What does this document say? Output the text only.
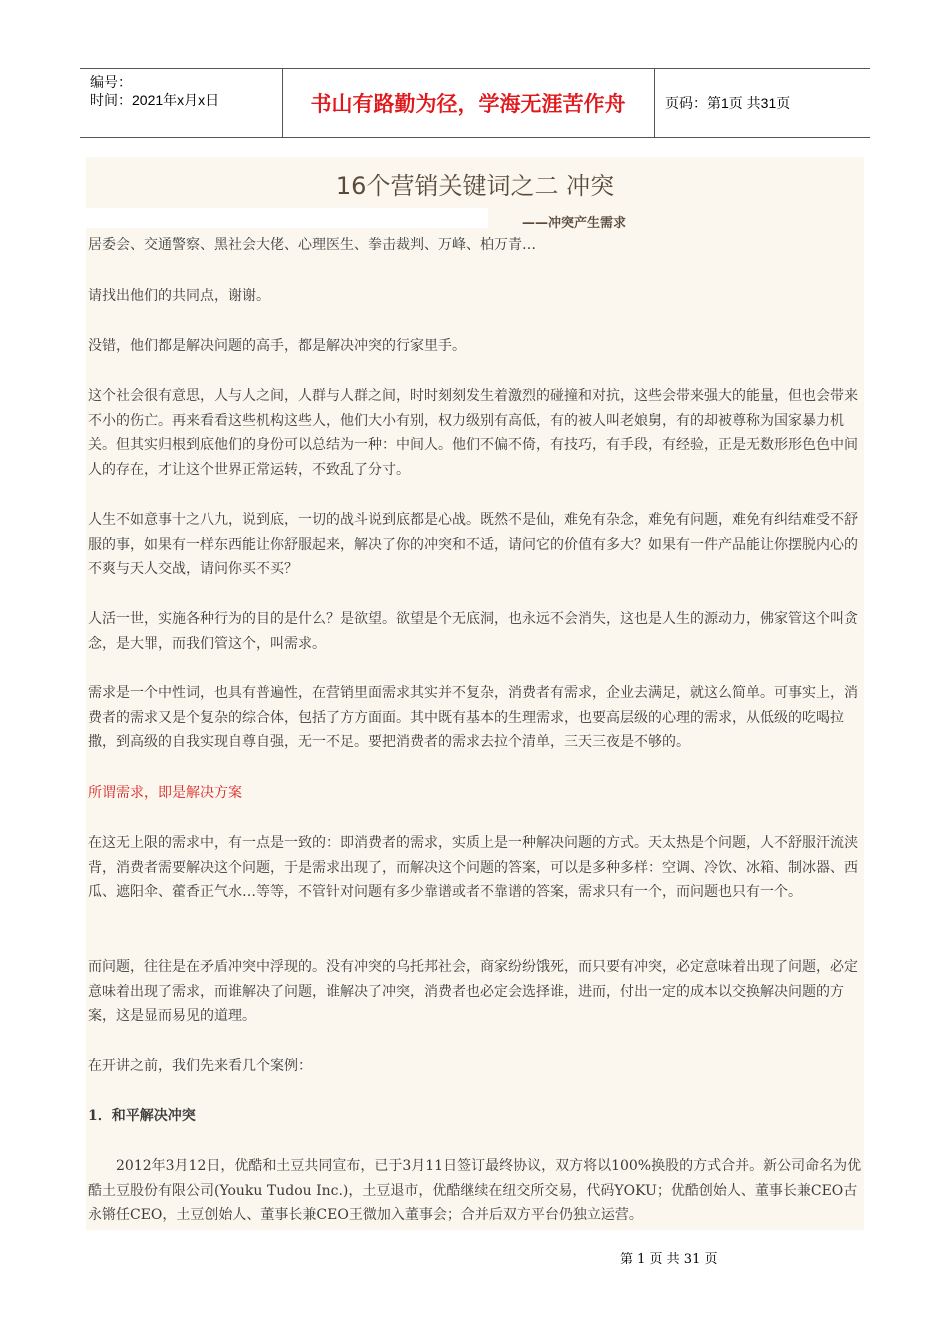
编号：
时间：2021年x月x日	书山有路勤为径，学海无涯苦作舟	页码：第1页 共31页
16个营销关键词之二 冲突
——冲突产生需求

居委会、交通警察、黑社会大佬、心理医生、拳击裁判、万峰、柏万青…

请找出他们的共同点，谢谢。

没错，他们都是解决问题的高手，都是解决冲突的行家里手。

这个社会很有意思，人与人之间，人群与人群之间，时时刻刻发生着激烈的碰撞和对抗，这些会带来强大的能量，但也会带来不小的伤亡。再来看看这些机构这些人，他们大小有别，权力级别有高低，有的被人叫老娘舅，有的却被尊称为国家暴力机关。但其实归根到底他们的身份可以总结为一种：中间人。他们不偏不倚，有技巧，有手段，有经验，正是无数形形色色中间人的存在，才让这个世界正常运转，不致乱了分寸。

人生不如意事十之八九，说到底，一切的战斗说到底都是心战。既然不是仙，难免有杂念，难免有问题，难免有纠结难受不舒服的事，如果有一样东西能让你舒服起来，解决了你的冲突和不适，请问它的价值有多大？如果有一件产品能让你摆脱内心的不爽与天人交战，请问你买不买？

人活一世，实施各种行为的目的是什么？是欲望。欲望是个无底洞，也永远不会消失，这也是人生的源动力，佛家管这个叫贪念，是大罪，而我们管这个，叫需求。

需求是一个中性词，也具有普遍性，在营销里面需求其实并不复杂，消费者有需求，企业去满足，就这么简单。可事实上，消费者的需求又是个复杂的综合体，包括了方方面面。其中既有基本的生理需求，也要高层级的心理的需求，从低级的吃喝拉撒，到高级的自我实现自尊自强，无一不足。要把消费者的需求去拉个清单，三天三夜是不够的。

所谓需求，即是解决方案

在这无上限的需求中，有一点是一致的：即消费者的需求，实质上是一种解决问题的方式。天太热是个问题，人不舒服汗流浃背，消费者需要解决这个问题，于是需求出现了，而解决这个问题的答案，可以是多种多样：空调、冷饮、冰箱、制冰器、西瓜、遮阳伞、藿香正气水…等等，不管针对问题有多少靠谱或者不靠谱的答案，需求只有一个，而问题也只有一个。

而问题，往往是在矛盾冲突中浮现的。没有冲突的乌托邦社会，商家纷纷饿死，而只要有冲突，必定意味着出现了问题，必定意味着出现了需求，而谁解决了问题，谁解决了冲突，消费者也必定会选择谁，进而，付出一定的成本以交换解决问题的方案，这是显而易见的道理。

在开讲之前，我们先来看几个案例：

1．和平解决冲突

　　2012年3月12日，优酷和土豆共同宣布，已于3月11日签订最终协议，双方将以100%换股的方式合并。新公司命名为优酷土豆股份有限公司(Youku Tudou Inc.)，土豆退市，优酷继续在纽交所交易，代码YOKU；优酷创始人、董事长兼CEO古永锵任CEO，土豆创始人、董事长兼CEO王微加入董事会；合并后双方平台仍独立运营。

第 1 页 共 31 页
